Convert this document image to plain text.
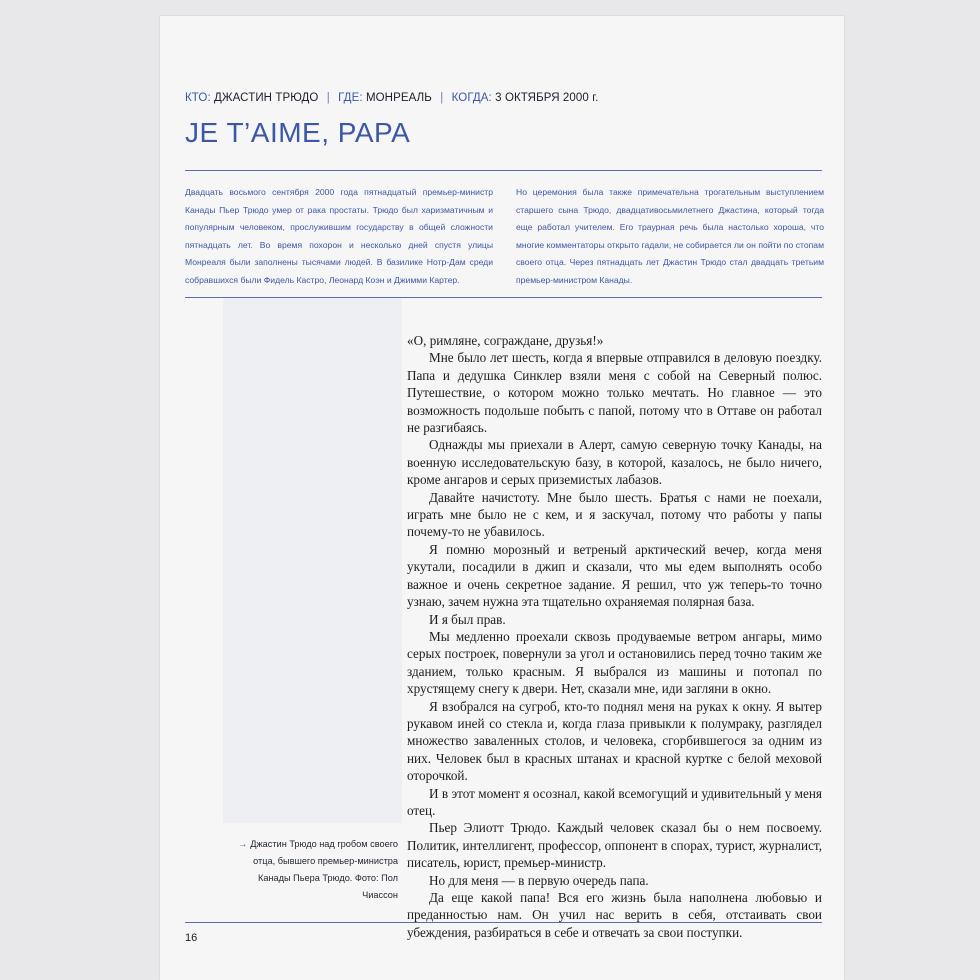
КТО: ДЖАСТИН ТРЮДО | ГДЕ: МОНРЕАЛЬ | КОГДА: 3 ОКТЯБРЯ 2000 г.
JE T’AIME, PAPA
Двадцать восьмого сентября 2000 года пятнадцатый премьер-министр Канады Пьер Трюдо умер от рака простаты. Трюдо был харизматичным и популярным человеком, прослужившим государству в общей сложности пятнадцать лет. Во время похорон и несколько дней спустя улицы Монреаля были заполнены тысячами людей. В базилике Нотр-Дам среди собравшихся были Фидель Кастро, Леонард Коэн и Джимми Картер.
Но церемония была также примечательна трогательным выступлением старшего сына Трюдо, двадцативосьмилетнего Джастина, который тогда еще работал учителем. Его траурная речь была настолько хороша, что многие комментаторы открыто гадали, не собирается ли он пойти по стопам своего отца. Через пятнадцать лет Джастин Трюдо стал двадцать третьим премьер-министром Канады.
→ Джастин Трюдо над гробом своего отца, бывшего премьер-министра Канады Пьера Трюдо. Фото: Пол Чиассон

«О, римляне, сограждане, друзья!»

Мне было лет шесть, когда я впервые отправился в деловую поездку. Папа и дедушка Синклер взяли меня с собой на Северный полюс. Путешествие, о котором можно только мечтать. Но главное — это возможность подольше побыть с папой, потому что в Оттаве он работал не разгибаясь.

Однажды мы приехали в Алерт, самую северную точку Канады, на военную исследовательскую базу, в которой, казалось, не было ничего, кроме ангаров и серых приземистых лабазов.

Давайте начистоту. Мне было шесть. Братья с нами не поехали, играть мне было не с кем, и я заскучал, потому что работы у папы почему-то не убавилось.

Я помню морозный и ветреный арктический вечер, когда меня укутали, посадили в джип и сказали, что мы едем выполнять особо важное и очень секретное задание. Я решил, что уж теперь-то точно узнаю, зачем нужна эта тщательно охраняемая полярная база.

И я был прав.

Мы медленно проехали сквозь продуваемые ветром ангары, мимо серых построек, повернули за угол и остановились перед точно таким же зданием, только красным. Я выбрался из машины и потопал по хрустящему снегу к двери. Нет, сказали мне, иди загляни в окно.

Я взобрался на сугроб, кто-то поднял меня на руках к окну. Я вытер рукавом иней со стекла и, когда глаза привыкли к полумраку, разглядел множество заваленных столов, и человека, сгорбившегося за одним из них. Человек был в красных штанах и красной куртке с белой меховой оторочкой.

И в этот момент я осознал, какой всемогущий и удивительный у меня отец.

Пьер Элиотт Трюдо. Каждый человек сказал бы о нем посвоему. Политик, интеллигент, профессор, оппонент в спорах, турист, журналист, писатель, юрист, премьер-министр.

Но для меня — в первую очередь папа.

Да еще какой папа! Вся его жизнь была наполнена любовью и преданностью нам. Он учил нас верить в себя, отстаивать свои убеждения, разбираться в себе и отвечать за свои поступки.

16
